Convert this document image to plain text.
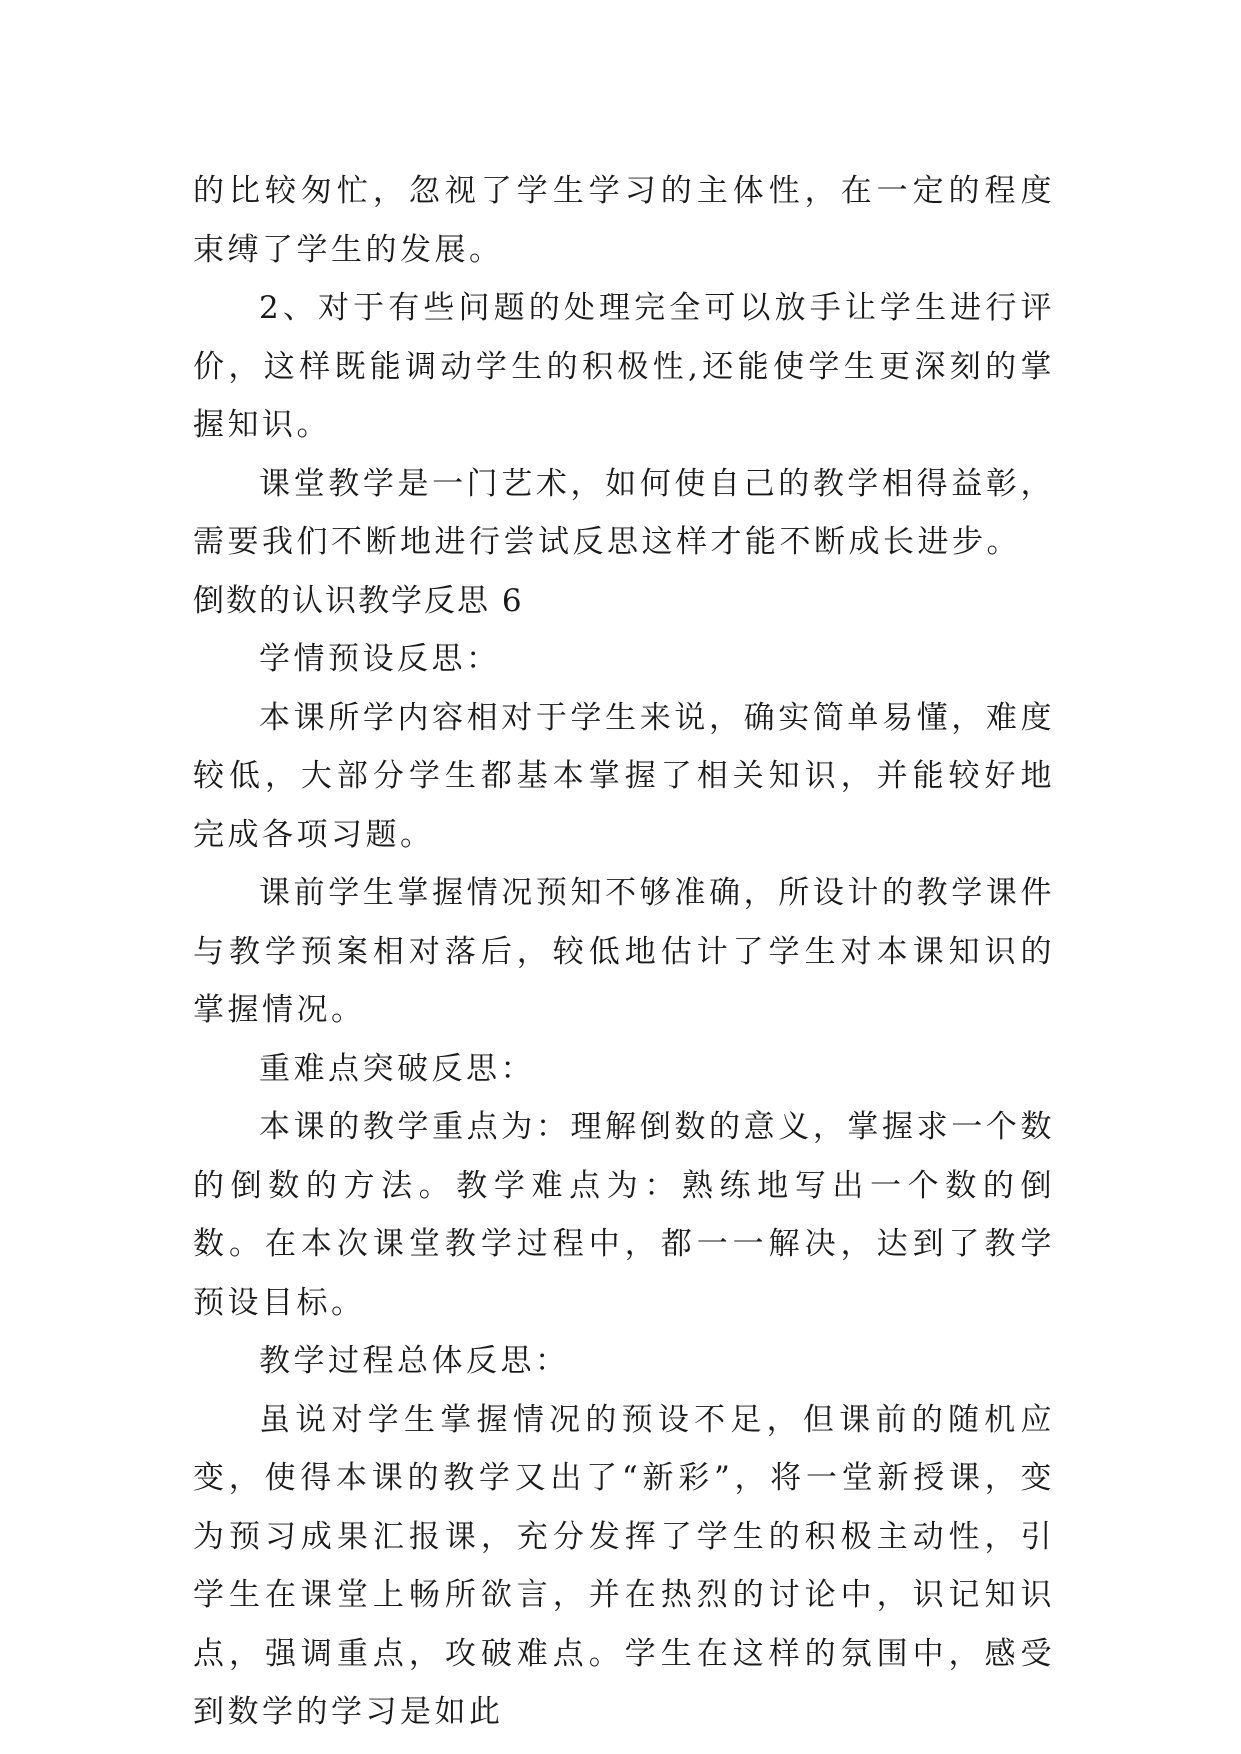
的比较匆忙，忽视了学生学习的主体性，在一定的程度束缚了学生的发展。

2、对于有些问题的处理完全可以放手让学生进行评价，这样既能调动学生的积极性,还能使学生更深刻的掌握知识。

课堂教学是一门艺术，如何使自己的教学相得益彰，需要我们不断地进行尝试反思这样才能不断成长进步。

倒数的认识教学反思 6

学情预设反思：

本课所学内容相对于学生来说，确实简单易懂，难度较低，大部分学生都基本掌握了相关知识，并能较好地完成各项习题。

课前学生掌握情况预知不够准确，所设计的教学课件与教学预案相对落后，较低地估计了学生对本课知识的掌握情况。

重难点突破反思：

本课的教学重点为：理解倒数的意义，掌握求一个数的倒数的方法。教学难点为：熟练地写出一个数的倒数。在本次课堂教学过程中，都一一解决，达到了教学预设目标。

教学过程总体反思：

虽说对学生掌握情况的预设不足，但课前的随机应变，使得本课的教学又出了“新彩”，将一堂新授课，变为预习成果汇报课，充分发挥了学生的积极主动性，引学生在课堂上畅所欲言，并在热烈的讨论中，识记知识点，强调重点，攻破难点。学生在这样的氛围中，感受到数学的学习是如此
